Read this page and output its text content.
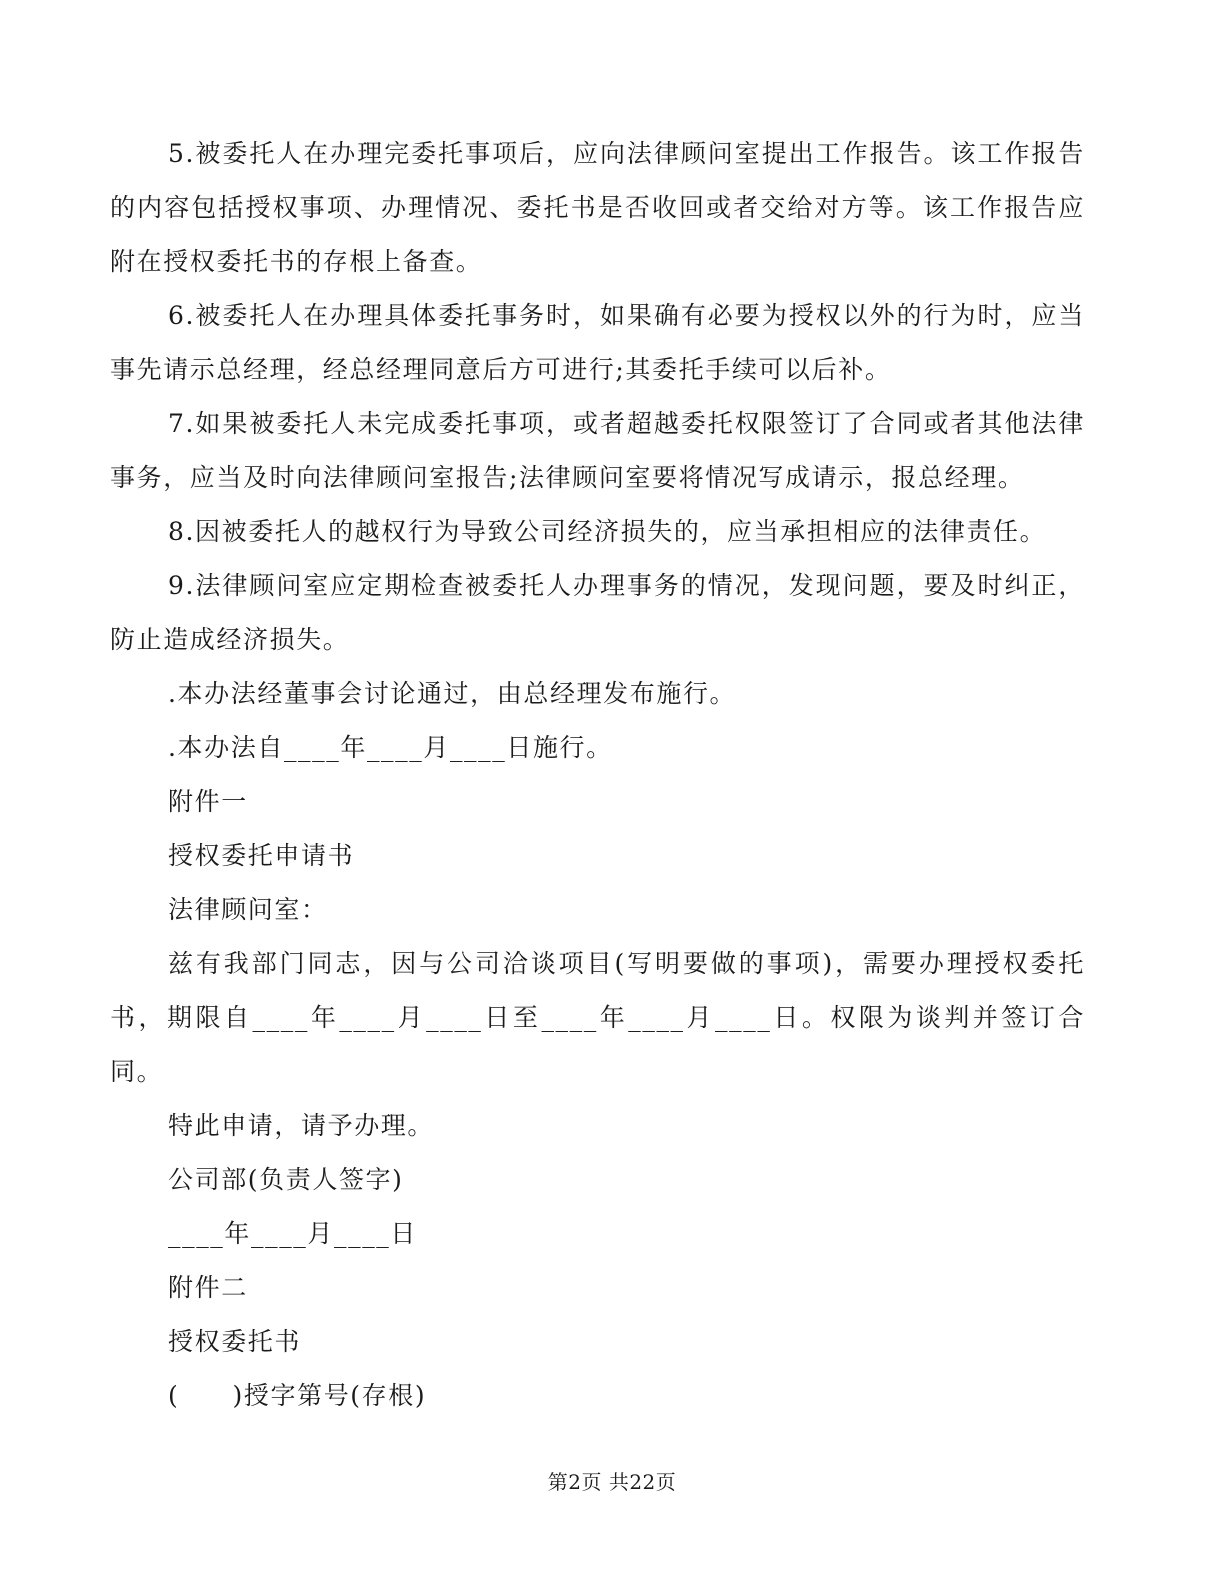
5.被委托人在办理完委托事项后，应向法律顾问室提出工作报告。该工作报告的内容包括授权事项、办理情况、委托书是否收回或者交给对方等。该工作报告应附在授权委托书的存根上备查。

6.被委托人在办理具体委托事务时，如果确有必要为授权以外的行为时，应当事先请示总经理，经总经理同意后方可进行;其委托手续可以后补。

7.如果被委托人未完成委托事项，或者超越委托权限签订了合同或者其他法律事务，应当及时向法律顾问室报告;法律顾问室要将情况写成请示，报总经理。

8.因被委托人的越权行为导致公司经济损失的，应当承担相应的法律责任。

9.法律顾问室应定期检查被委托人办理事务的情况，发现问题，要及时纠正，防止造成经济损失。

.本办法经董事会讨论通过，由总经理发布施行。

.本办法自____年____月____日施行。

附件一

授权委托申请书

法律顾问室：

兹有我部门同志，因与公司洽谈项目(写明要做的事项)，需要办理授权委托书，期限自____年____月____日至____年____月____日。权限为谈判并签订合同。

特此申请，请予办理。

公司部(负责人签字)

____年____月____日

附件二

授权委托书

(　　)授字第号(存根)

第2页 共22页
